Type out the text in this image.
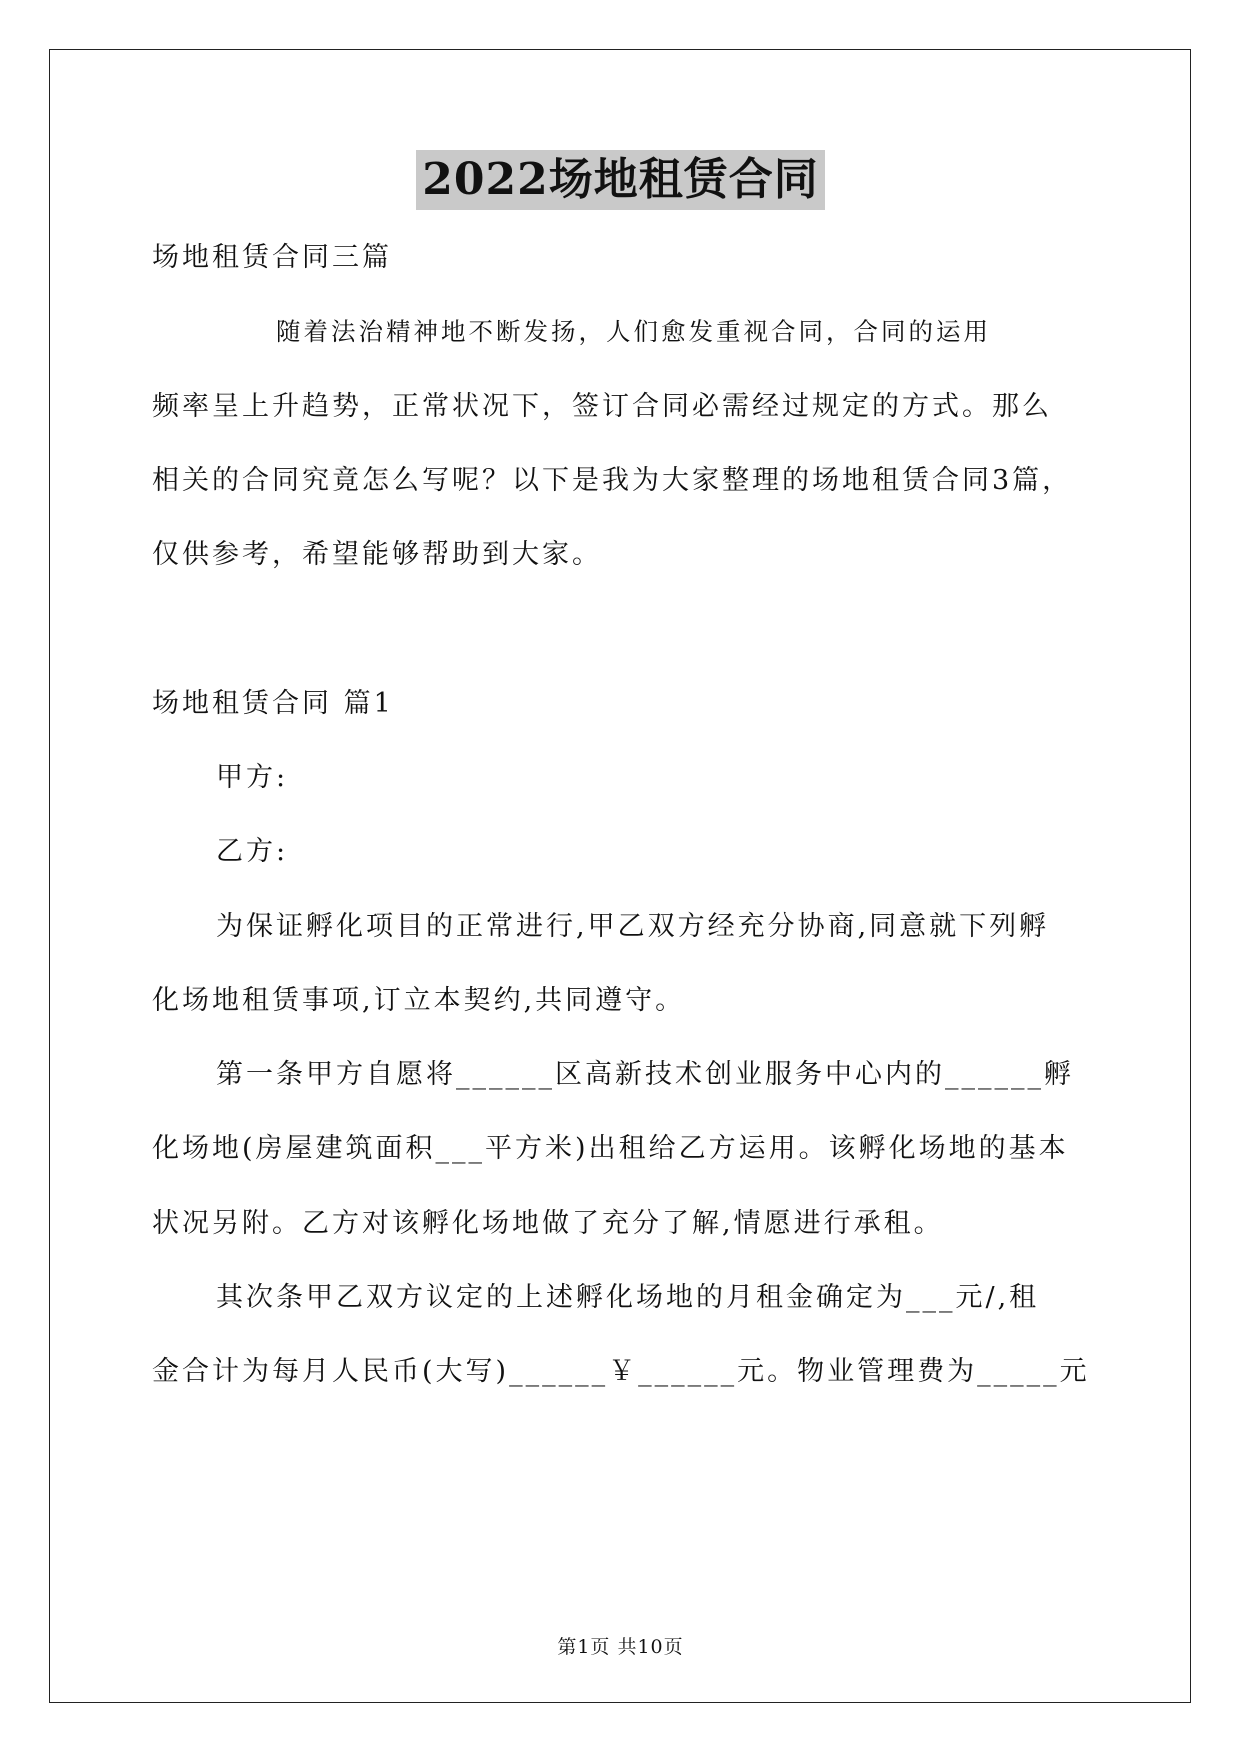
2022场地租赁合同
场地租赁合同三篇
随着法治精神地不断发扬，人们愈发重视合同，合同的运用
频率呈上升趋势，正常状况下，签订合同必需经过规定的方式。那么
相关的合同究竟怎么写呢？以下是我为大家整理的场地租赁合同3篇，
仅供参考，希望能够帮助到大家。
场地租赁合同 篇1
甲方:
乙方:
为保证孵化项目的正常进行,甲乙双方经充分协商,同意就下列孵
化场地租赁事项,订立本契约,共同遵守。
第一条甲方自愿将______区高新技术创业服务中心内的______孵
化场地(房屋建筑面积___平方米)出租给乙方运用。该孵化场地的基本
状况另附。乙方对该孵化场地做了充分了解,情愿进行承租。
其次条甲乙双方议定的上述孵化场地的月租金确定为___元/,租
金合计为每月人民币(大写)______￥______元。物业管理费为_____元
第1页 共10页
